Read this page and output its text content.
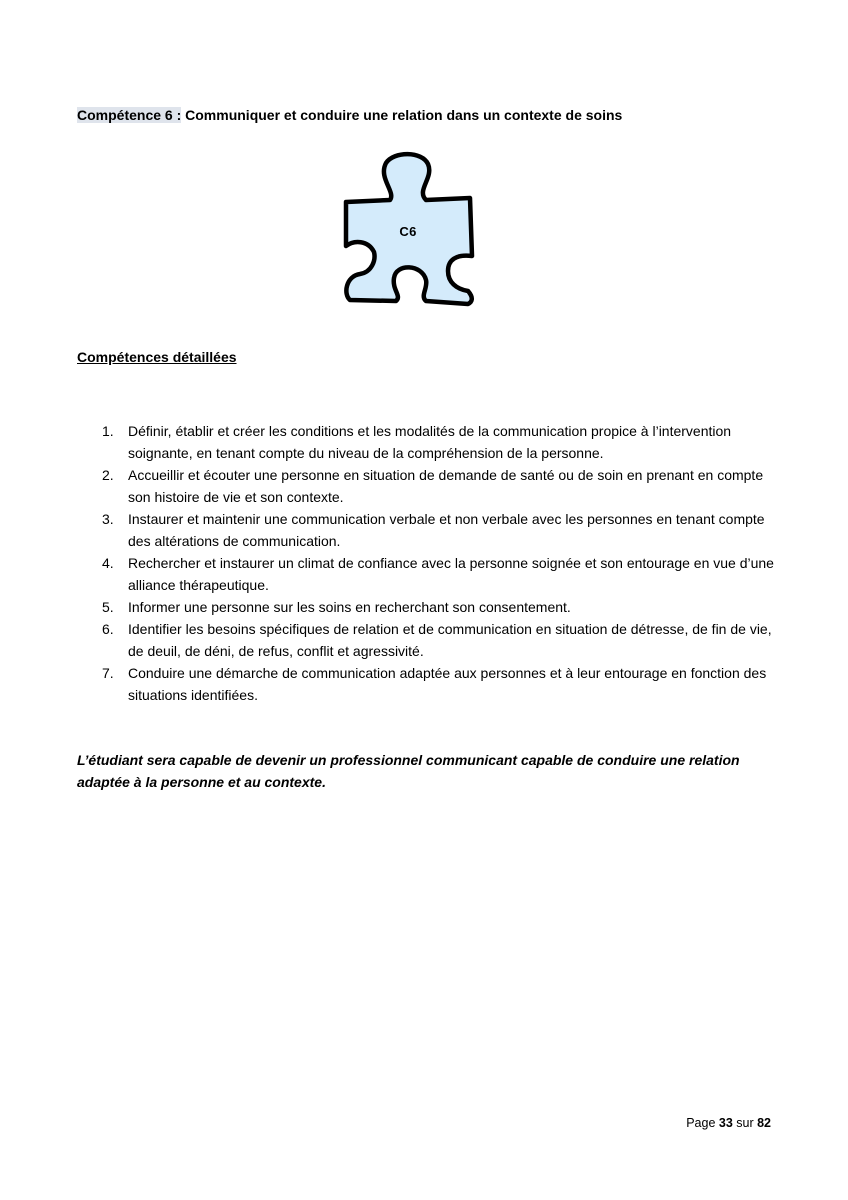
Compétence 6 : Communiquer et conduire une relation dans un contexte de soins
C6
Compétences détaillées
1. Définir, établir et créer les conditions et les modalités de la communication propice à l’intervention soignante, en tenant compte du niveau de la compréhension de la personne.
2. Accueillir et écouter une personne en situation de demande de santé ou de soin en prenant en compte son histoire de vie et son contexte.
3. Instaurer et maintenir une communication verbale et non verbale avec les personnes en tenant compte des altérations de communication.
4. Rechercher et instaurer un climat de confiance avec la personne soignée et son entourage en vue d’une alliance thérapeutique.
5. Informer une personne sur les soins en recherchant son consentement.
6. Identifier les besoins spécifiques de relation et de communication en situation de détresse, de fin de vie, de deuil, de déni, de refus, conflit et agressivité.
7. Conduire une démarche de communication adaptée aux personnes et à leur entourage en fonction des situations identifiées.
L’étudiant sera capable de devenir un professionnel communicant capable de conduire une relation adaptée à la personne et au contexte.
Page 33 sur 82
